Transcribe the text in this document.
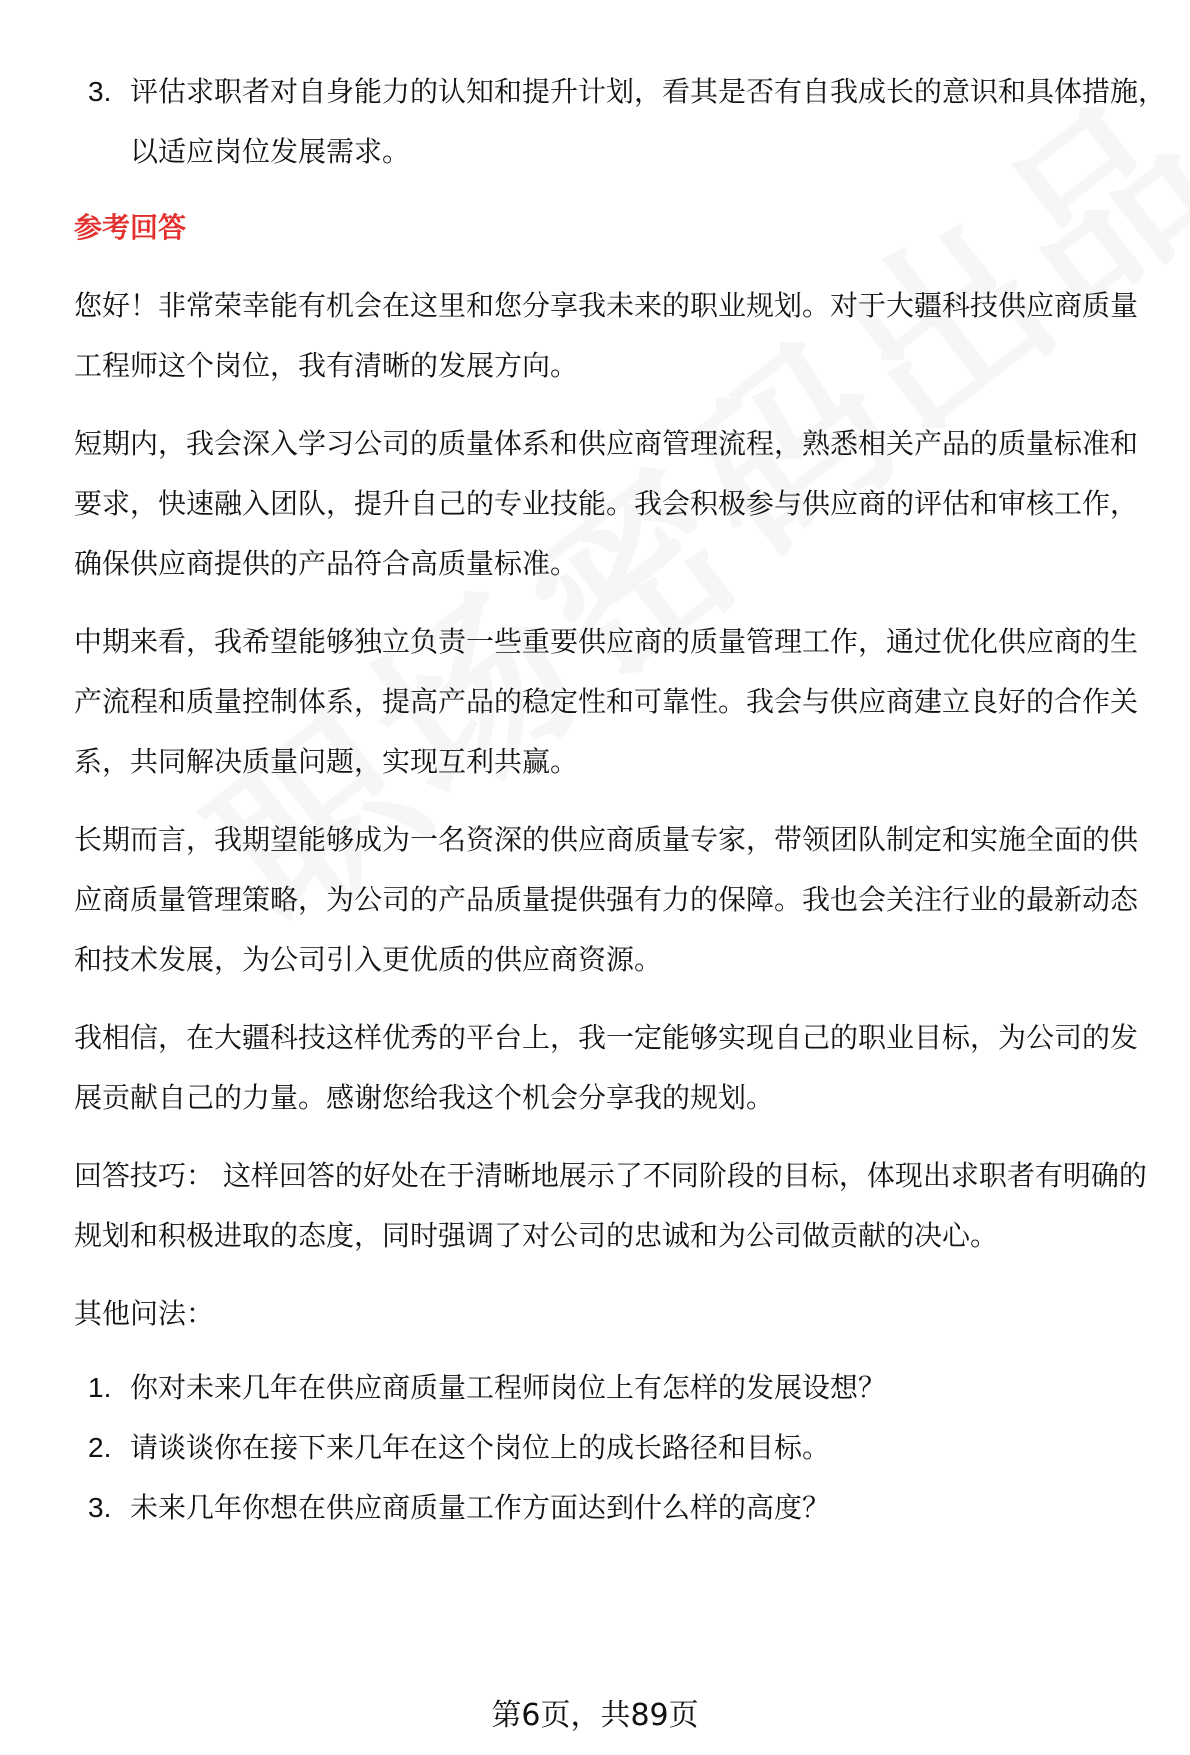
3. 评估求职者对自身能力的认知和提升计划，看其是否有自我成长的意识和具体措施，以适应岗位发展需求。
参考回答
您好！非常荣幸能有机会在这里和您分享我未来的职业规划。对于大疆科技供应商质量工程师这个岗位，我有清晰的发展方向。
短期内，我会深入学习公司的质量体系和供应商管理流程，熟悉相关产品的质量标准和要求，快速融入团队，提升自己的专业技能。我会积极参与供应商的评估和审核工作，确保供应商提供的产品符合高质量标准。
中期来看，我希望能够独立负责一些重要供应商的质量管理工作，通过优化供应商的生产流程和质量控制体系，提高产品的稳定性和可靠性。我会与供应商建立良好的合作关系，共同解决质量问题，实现互利共赢。
长期而言，我期望能够成为一名资深的供应商质量专家，带领团队制定和实施全面的供应商质量管理策略，为公司的产品质量提供强有力的保障。我也会关注行业的最新动态和技术发展，为公司引入更优质的供应商资源。
我相信，在大疆科技这样优秀的平台上，我一定能够实现自己的职业目标，为公司的发展贡献自己的力量。感谢您给我这个机会分享我的规划。
回答技巧： 这样回答的好处在于清晰地展示了不同阶段的目标，体现出求职者有明确的规划和积极进取的态度，同时强调了对公司的忠诚和为公司做贡献的决心。
其他问法：
1. 你对未来几年在供应商质量工程师岗位上有怎样的发展设想？
2. 请谈谈你在接下来几年在这个岗位上的成长路径和目标。
3. 未来几年你想在供应商质量工作方面达到什么样的高度？
第6页，共89页
